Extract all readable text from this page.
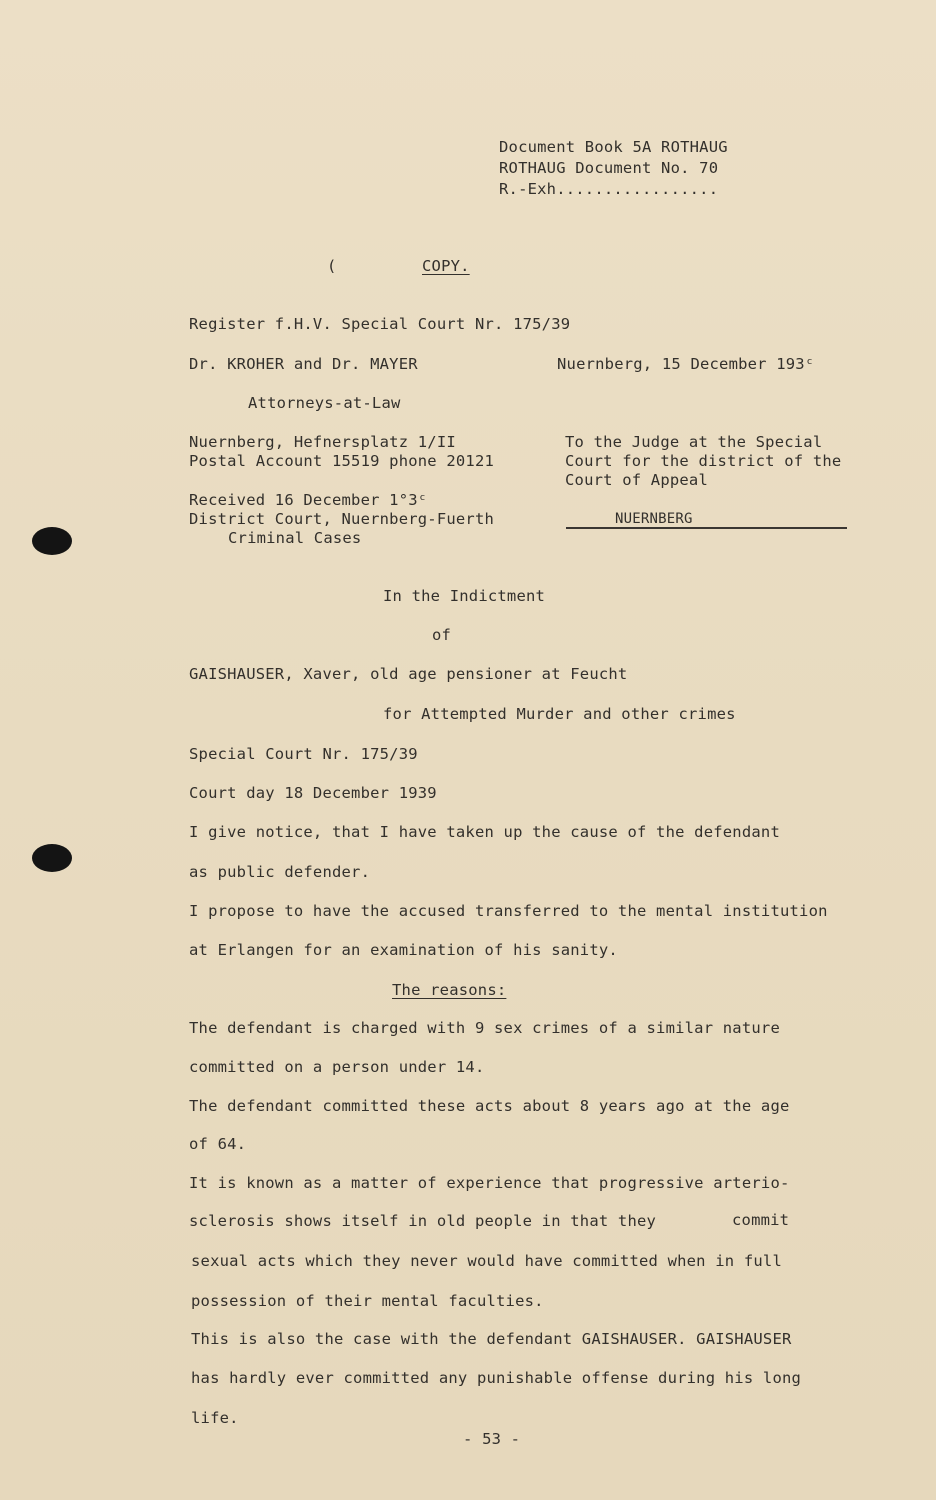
Document Book 5A ROTHAUG
ROTHAUG Document No. 70
R.-Exh.................
(	COPY.
Register f.H.V. Special Court Nr. 175/39
Dr. KROHER and Dr. MAYER	Nuernberg, 15 December 193ᶜ
Attorneys-at-Law
Nuernberg, Hefnersplatz 1/II
Postal Account 15519 phone 20121
To the Judge at the Special
Court for the district of the
Court of Appeal
Received 16 December 1°3ᶜ
District Court, Nuernberg-Fuerth
Criminal Cases
NUERNBERG
In the Indictment
of
GAISHAUSER, Xaver, old age pensioner at Feucht
for Attempted Murder and other crimes
Special Court Nr. 175/39
Court day 18 December 1939
I give notice, that I have taken up the cause of the defendant
as public defender.
I propose to have the accused transferred to the mental institution
at Erlangen for an examination of his sanity.
The reasons:
The defendant is charged with 9 sex crimes of a similar nature
committed on a person under 14.
The defendant committed these acts about 8 years ago at the age
of 64.
It is known as a matter of experience that progressive arterio-
sclerosis shows itself in old people in that they	commit
sexual acts which they never would have committed when in full
possession of their mental faculties.
This is also the case with the defendant GAISHAUSER. GAISHAUSER
has hardly ever committed any punishable offense during his long
life.
- 53 -
